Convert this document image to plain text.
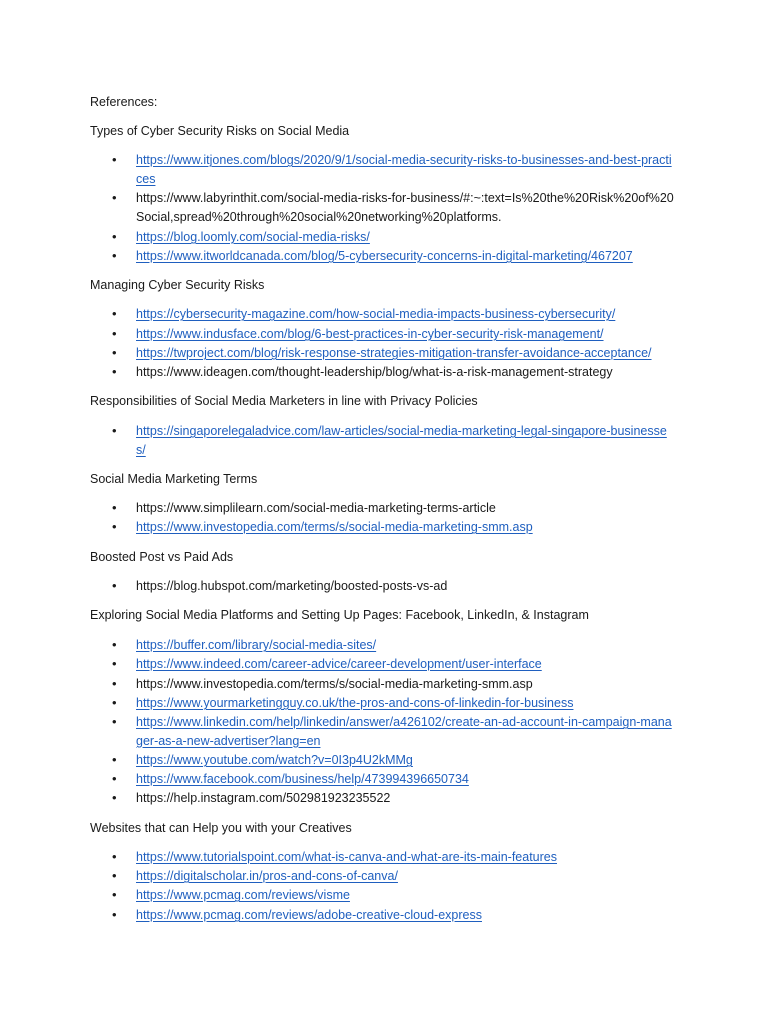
References:
Types of Cyber Security Risks on Social Media
• https://www.itjones.com/blogs/2020/9/1/social-media-security-risks-to-businesses-and-best-practices
• https://www.labyrinthit.com/social-media-risks-for-business/#:~:text=Is%20the%20Risk%20of%20Social,spread%20through%20social%20networking%20platforms.
• https://blog.loomly.com/social-media-risks/
• https://www.itworldcanada.com/blog/5-cybersecurity-concerns-in-digital-marketing/467207
Managing Cyber Security Risks
• https://cybersecurity-magazine.com/how-social-media-impacts-business-cybersecurity/
• https://www.indusface.com/blog/6-best-practices-in-cyber-security-risk-management/
• https://twproject.com/blog/risk-response-strategies-mitigation-transfer-avoidance-acceptance/
• https://www.ideagen.com/thought-leadership/blog/what-is-a-risk-management-strategy
Responsibilities of Social Media Marketers in line with Privacy Policies
• https://singaporelegaladvice.com/law-articles/social-media-marketing-legal-singapore-businesses/
Social Media Marketing Terms
• https://www.simplilearn.com/social-media-marketing-terms-article
• https://www.investopedia.com/terms/s/social-media-marketing-smm.asp
Boosted Post vs Paid Ads
• https://blog.hubspot.com/marketing/boosted-posts-vs-ad
Exploring Social Media Platforms and Setting Up Pages: Facebook, LinkedIn, & Instagram
• https://buffer.com/library/social-media-sites/
• https://www.indeed.com/career-advice/career-development/user-interface
• https://www.investopedia.com/terms/s/social-media-marketing-smm.asp
• https://www.yourmarketingguy.co.uk/the-pros-and-cons-of-linkedin-for-business
• https://www.linkedin.com/help/linkedin/answer/a426102/create-an-ad-account-in-campaign-manager-as-a-new-advertiser?lang=en
• https://www.youtube.com/watch?v=0I3p4U2kMMg
• https://www.facebook.com/business/help/473994396650734
• https://help.instagram.com/502981923235522
Websites that can Help you with your Creatives
• https://www.tutorialspoint.com/what-is-canva-and-what-are-its-main-features
• https://digitalscholar.in/pros-and-cons-of-canva/
• https://www.pcmag.com/reviews/visme
• https://www.pcmag.com/reviews/adobe-creative-cloud-express
